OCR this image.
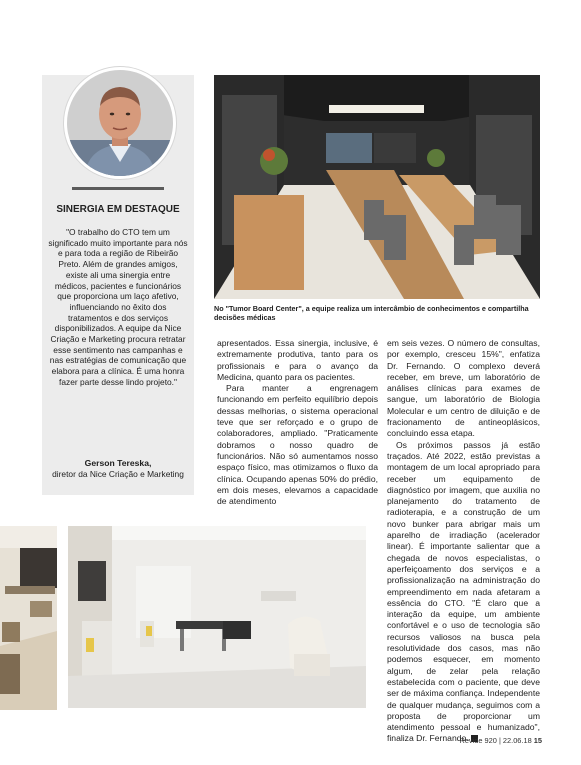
SINERGIA EM DESTAQUE
"O trabalho do CTO tem um significado muito importante para nós e para toda a região de Ribeirão Preto. Além de grandes amigos, existe ali uma sinergia entre médicos, pacientes e funcionários que proporciona um laço afetivo, influenciando no êxito dos tratamentos e dos serviços disponibilizados. A equipe da Nice Criação e Marketing procura retratar esse sentimento nas campanhas e nas estratégias de comunicação que elabora para a clínica. É uma honra fazer parte desse lindo projeto."
Gerson Tereska,
diretor da Nice Criação e Marketing
No "Tumor Board Center", a equipe realiza um intercâmbio de conhecimentos e compartilha decisões médicas

apresentados. Essa sinergia, inclusive, é extremamente produtiva, tanto para os profissionais e para o avanço da Medicina, quanto para os pacientes.

Para manter a engrenagem funcionando em perfeito equilíbrio depois dessas melhorias, o sistema operacional teve que ser reforçado e o grupo de colaboradores, ampliado. "Praticamente dobramos o nosso quadro de funcionários. Não só aumentamos nosso espaço físico, mas otimizamos o fluxo da clínica. Ocupando apenas 50% do prédio, em dois meses, elevamos a capacidade de atendimento

em seis vezes. O número de consultas, por exemplo, cresceu 15%", enfatiza Dr. Fernando. O complexo deverá receber, em breve, um laboratório de análises clínicas para exames de sangue, um laboratório de Biologia Molecular e um centro de diluição e de fracionamento de antineoplásicos, concluindo essa etapa.

Os próximos passos já estão traçados. Até 2022, estão previstas a montagem de um local apropriado para receber um equipamento de diagnóstico por imagem, que auxilia no planejamento do tratamento de radioterapia, e a construção de um novo bunker para abrigar mais um aparelho de irradiação (acelerador linear). É importante salientar que a chegada de novos especialistas, o aperfeiçoamento dos serviços e a profissionalização na administração do empreendimento em nada afetaram a essência do CTO. "É claro que a interação da equipe, um ambiente confortável e o uso de tecnologia são recursos valiosos na busca pela resolutividade dos casos, mas não podemos esquecer, em momento algum, de zelar pela relação estabelecida com o paciente, que deve ser de máxima confiança. Independente de qualquer mudança, seguimos com a proposta de proporcionar um atendimento pessoal e humanizado", finaliza Dr. Fernando.

Revide 920 | 22.06.18 15
